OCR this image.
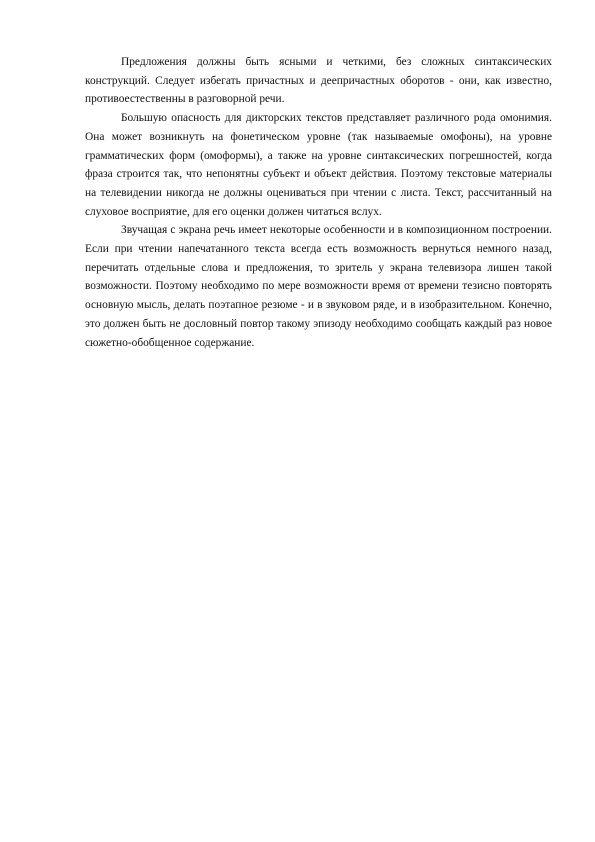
Предложения должны быть ясными и четкими, без сложных синтаксических конструкций. Следует избегать причастных и деепричастных оборотов - они, как известно, противоестественны в разговорной речи.

Большую опасность для дикторских текстов представляет различного рода омонимия. Она может возникнуть на фонетическом уровне (так называемые омофоны), на уровне грамматических форм (омоформы), а также на уровне синтаксических погрешностей, когда фраза строится так, что непонятны субъект и объект действия. Поэтому текстовые материалы на телевидении никогда не должны оцениваться при чтении с листа. Текст, рассчитанный на слуховое восприятие, для его оценки должен читаться вслух.

Звучащая с экрана речь имеет некоторые особенности и в композиционном построении. Если при чтении напечатанного текста всегда есть возможность вернуться немного назад, перечитать отдельные слова и предложения, то зритель у экрана телевизора лишен такой возможности. Поэтому необходимо по мере возможности время от времени тезисно повторять основную мысль, делать поэтапное резюме - и в звуковом ряде, и в изобразительном. Конечно, это должен быть не дословный повтор такому эпизоду необходимо сообщать каждый раз новое сюжетно-обобщенное содержание.
